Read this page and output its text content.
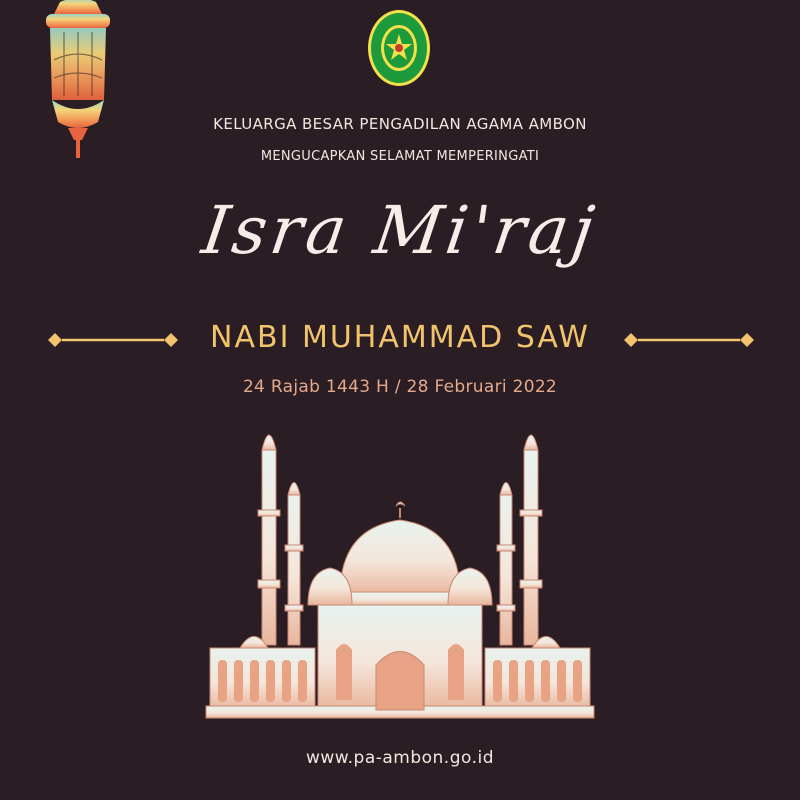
KELUARGA BESAR PENGADILAN AGAMA AMBON
MENGUCAPKAN SELAMAT MEMPERINGATI
Isra Mi'raj
NABI MUHAMMAD SAW
24 Rajab 1443 H / 28 Februari 2022
www.pa-ambon.go.id
